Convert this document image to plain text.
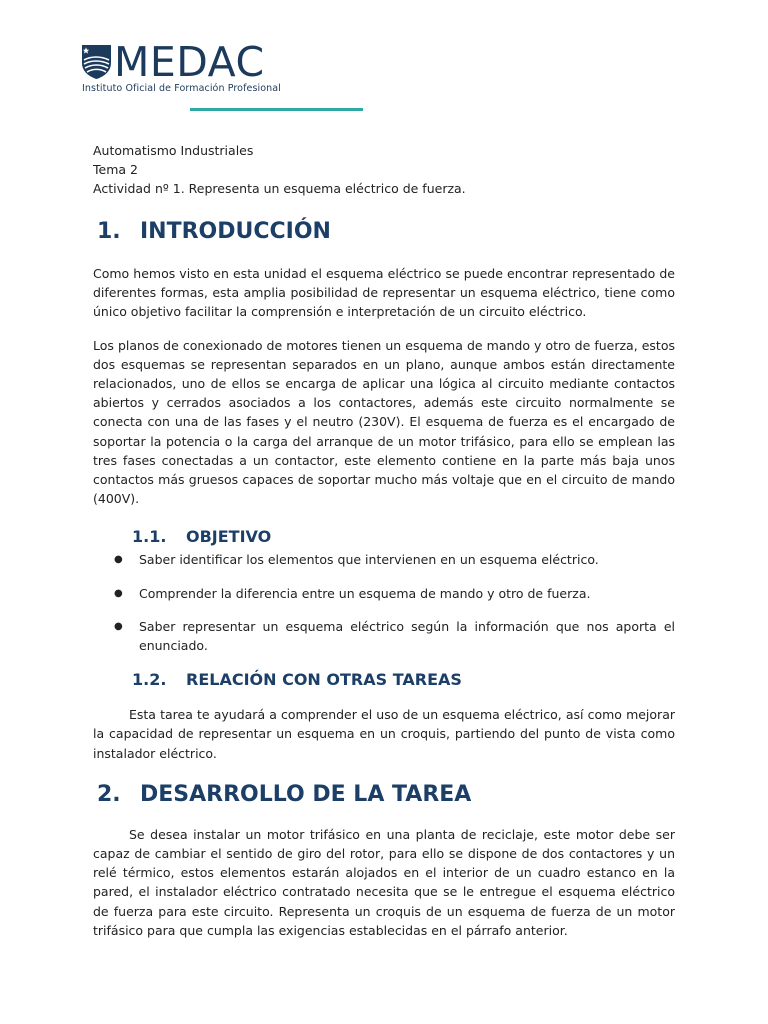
MEDAC
Instituto Oficial de Formación Profesional

Automatismo Industriales

Tema 2

Actividad nº 1. Representa un esquema eléctrico de fuerza.

1. INTRODUCCIÓN

Como hemos visto en esta unidad el esquema eléctrico se puede encontrar representado de diferentes formas, esta amplia posibilidad de representar un esquema eléctrico, tiene como único objetivo facilitar la comprensión e interpretación de un circuito eléctrico.

Los planos de conexionado de motores tienen un esquema de mando y otro de fuerza, estos dos esquemas se representan separados en un plano, aunque ambos están directamente relacionados, uno de ellos se encarga de aplicar una lógica al circuito mediante contactos abiertos y cerrados asociados a los contactores, además este circuito normalmente se conecta con una de las fases y el neutro (230V). El esquema de fuerza es el encargado de soportar la potencia o la carga del arranque de un motor trifásico, para ello se emplean las tres fases conectadas a un contactor, este elemento contiene en la parte más baja unos contactos más gruesos capaces de soportar mucho más voltaje que en el circuito de mando (400V).

1.1.	OBJETIVO
● Saber identificar los elementos que intervienen en un esquema eléctrico.
● Comprender la diferencia entre un esquema de mando y otro de fuerza.
● Saber representar un esquema eléctrico según la información que nos aporta el enunciado.
1.2.	RELACIÓN CON OTRAS TAREAS

Esta tarea te ayudará a comprender el uso de un esquema eléctrico, así como mejorar la capacidad de representar un esquema en un croquis, partiendo del punto de vista como instalador eléctrico.

2. DESARROLLO DE LA TAREA

Se desea instalar un motor trifásico en una planta de reciclaje, este motor debe ser capaz de cambiar el sentido de giro del rotor, para ello se dispone de dos contactores y un relé térmico, estos elementos estarán alojados en el interior de un cuadro estanco en la pared, el instalador eléctrico contratado necesita que se le entregue el esquema eléctrico de fuerza para este circuito. Representa un croquis de un esquema de fuerza de un motor trifásico para que cumpla las exigencias establecidas en el párrafo anterior.
